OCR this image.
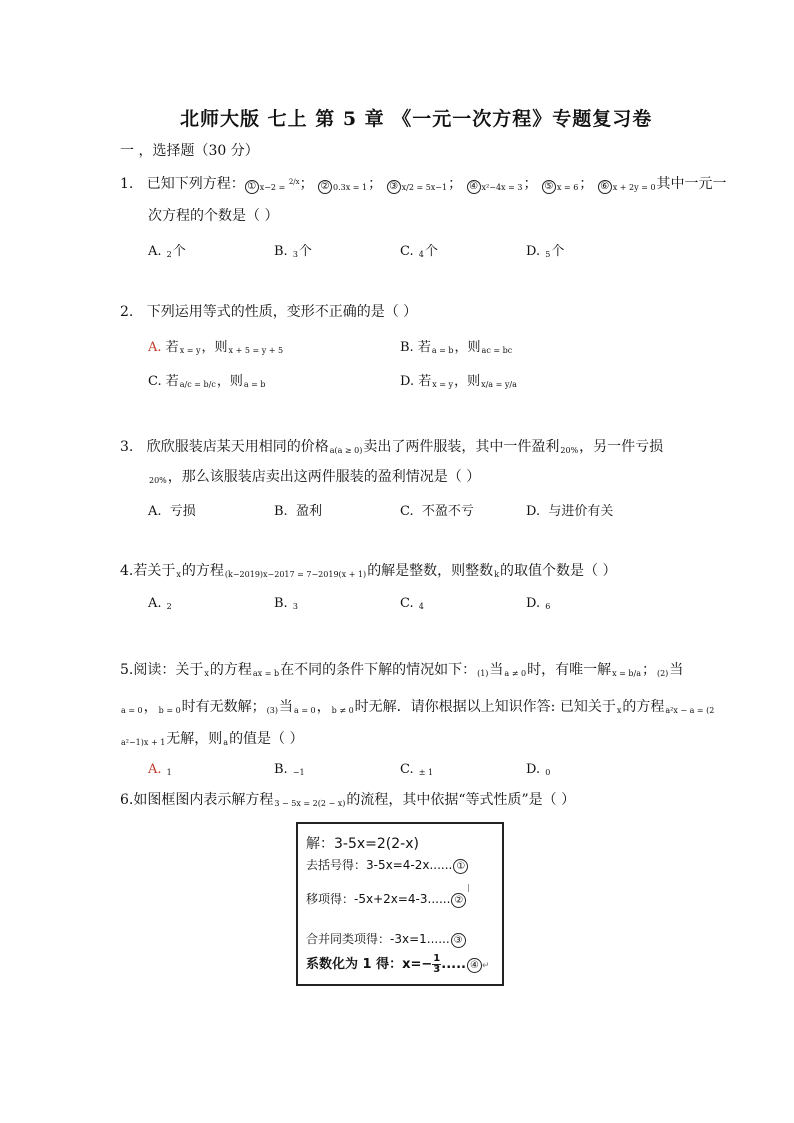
北师大版 七上 第 5 章 《一元一次方程》专题复习卷
一 ，选择题（30 分）
1. 已知下列方程： ① x−2 = $^{2/x}$； ② 0.3x = 1； ③ x/2 = 5x−1； ④ x²−4x = 3； ⑤ x = 6； ⑥ x + 2y = 0其中一元一
次方程的个数是（ ）
A. 2个	B. 3个	C. 4个	D. 5个
2. 下列运用等式的性质，变形不正确的是（ ）
A. 若x = y，则x + 5 = y + 5	B. 若a = b，则ac = bc
C. 若a/c = b/c，则a = b	D. 若x = y，则x/a = y/a
3. 欣欣服装店某天用相同的价格a(a ≥ 0)卖出了两件服装，其中一件盈利20%，另一件亏损
20%，那么该服装店卖出这两件服装的盈利情况是（ ）
A. 亏损	B. 盈利	C. 不盈不亏	D. 与进价有关
4.若关于x的方程(k−2019)x−2017 = 7−2019(x + 1)的解是整数，则整数k的取值个数是（ ）
A. 2	B. 3	C. 4	D. 6
5.阅读：关于x的方程ax = b在不同的条件下解的情况如下：(1)当a ≠ 0时，有唯一解x = b/a；(2)当
a = 0，b = 0时有无数解；(3)当a = 0，b ≠ 0时无解．请你根据以上知识作答: 已知关于x的方程a²x − a = (2
a²−1)x + 1无解，则a的值是（ ）
A. 1	B. −1	C. ± 1	D. 0
6.如图框图内表示解方程3 − 5x = 2(2 − x)的流程，其中依据“等式性质”是（ ）
解：3-5x=2(2-x)
去括号得：3-5x=4-2x...... ①
移项得：-5x+2x=4-3...... ②
合并同类项得：-3x=1...... ③
系数化为 1 得：$x=- \frac{1}{3}$ ..... ④ ↵
